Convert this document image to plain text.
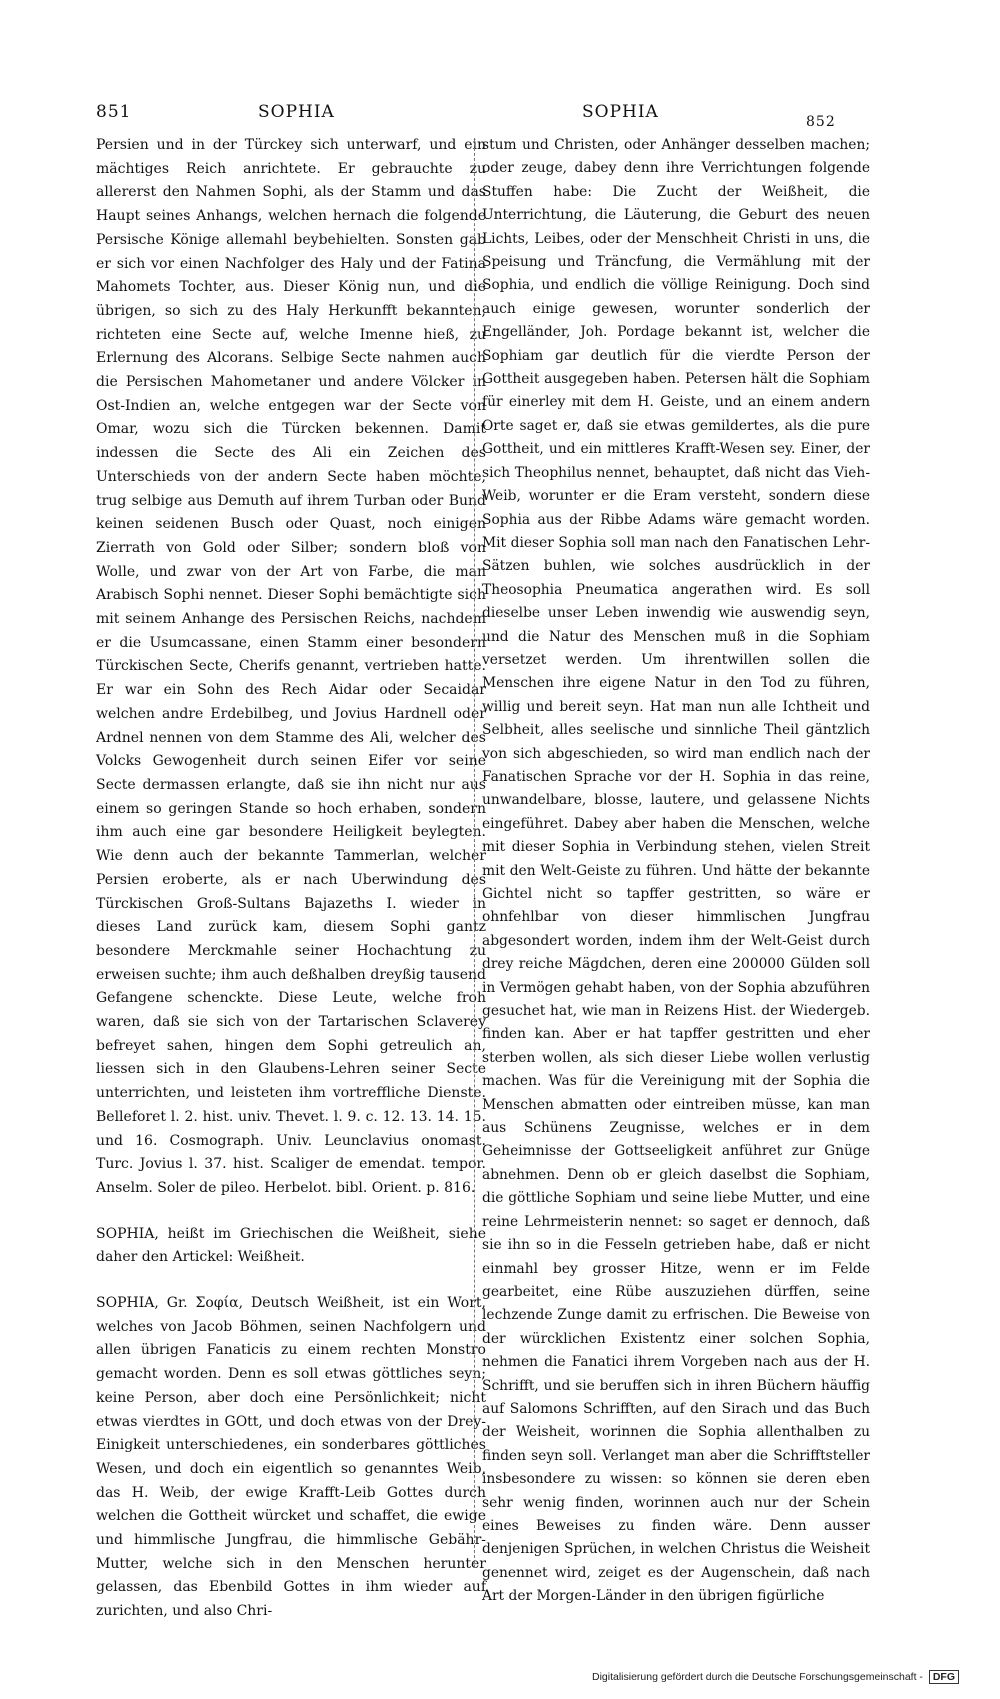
851	SOPHIA	SOPHIA	852

Persien und in der Türckey sich unterwarf, und ein mächtiges Reich anrichtete. Er gebrauchte zu allererst den Nahmen Sophi, als der Stamm und das Haupt seines Anhangs, welchen hernach die folgende Persische Könige allemahl beybehielten. Sonsten gab er sich vor einen Nachfolger des Haly und der Fatina Mahomets Tochter, aus. Dieser König nun, und die übrigen, so sich zu des Haly Herkunfft bekannten, richteten eine Secte auf, welche Imenne hieß, zu Erlernung des Alcorans. Selbige Secte nahmen auch die Persischen Mahometaner und andere Völcker in Ost-Indien an, welche entgegen war der Secte von Omar, wozu sich die Türcken bekennen. Damit indessen die Secte des Ali ein Zeichen des Unterschieds von der andern Secte haben möchte, trug selbige aus Demuth auf ihrem Turban oder Bund keinen seidenen Busch oder Quast, noch einigen Zierrath von Gold oder Silber; sondern bloß von Wolle, und zwar von der Art von Farbe, die man Arabisch Sophi nennet. Dieser Sophi bemächtigte sich mit seinem Anhange des Persischen Reichs, nachdem er die Usumcassane, einen Stamm einer besondern Türckischen Secte, Cherifs genannt, vertrieben hatte. Er war ein Sohn des Rech Aidar oder Secaidar welchen andre Erdebilbeg, und Jovius Hardnell oder Ardnel nennen von dem Stamme des Ali, welcher des Volcks Gewogenheit durch seinen Eifer vor seine Secte dermassen erlangte, daß sie ihn nicht nur aus einem so geringen Stande so hoch erhaben, sondern ihm auch eine gar besondere Heiligkeit beylegten. Wie denn auch der bekannte Tammerlan, welcher Persien eroberte, als er nach Uberwindung des Türckischen Groß-Sultans Bajazeths I. wieder in dieses Land zurück kam, diesem Sophi gantz besondere Merckmahle seiner Hochachtung zu erweisen suchte; ihm auch deßhalben dreyßig tausend Gefangene schenckte. Diese Leute, welche froh waren, daß sie sich von der Tartarischen Sclaverey befreyet sahen, hingen dem Sophi getreulich an, liessen sich in den Glaubens-Lehren seiner Secte unterrichten, und leisteten ihm vortreffliche Dienste. Belleforet l. 2. hist. univ. Thevet. l. 9. c. 12. 13. 14. 15. und 16. Cosmograph. Univ. Leunclavius onomast. Turc. Jovius l. 37. hist. Scaliger de emendat. tempor. Anselm. Soler de pileo. Herbelot. bibl. Orient. p. 816.

SOPHIA, heißt im Griechischen die Weißheit, siehe daher den Artickel: Weißheit.

SOPHIA, Gr. Σοφία, Deutsch Weißheit, ist ein Wort, welches von Jacob Böhmen, seinen Nachfolgern und allen übrigen Fanaticis zu einem rechten Monstro gemacht worden. Denn es soll etwas göttliches seyn; keine Person, aber doch eine Persönlichkeit; nicht etwas vierdtes in GOtt, und doch etwas von der Drey-Einigkeit unterschiedenes, ein sonderbares göttliches Wesen, und doch ein eigentlich so genanntes Weib, das H. Weib, der ewige Krafft-Leib Gottes durch welchen die Gottheit würcket und schaffet, die ewige und himmlische Jungfrau, die himmlische Gebähr-Mutter, welche sich in den Menschen herunter gelassen, das Ebenbild Gottes in ihm wieder auf zurichten, und also Chri-

stum und Christen, oder Anhänger desselben machen; oder zeuge, dabey denn ihre Verrichtungen folgende Stuffen habe: Die Zucht der Weißheit, die Unterrichtung, die Läuterung, die Geburt des neuen Lichts, Leibes, oder der Menschheit Christi in uns, die Speisung und Träncfung, die Vermählung mit der Sophia, und endlich die völlige Reinigung. Doch sind auch einige gewesen, worunter sonderlich der Engelländer, Joh. Pordage bekannt ist, welcher die Sophiam gar deutlich für die vierdte Person der Gottheit ausgegeben haben. Petersen hält die Sophiam für einerley mit dem H. Geiste, und an einem andern Orte saget er, daß sie etwas gemildertes, als die pure Gottheit, und ein mittleres Krafft-Wesen sey. Einer, der sich Theophilus nennet, behauptet, daß nicht das Vieh-Weib, worunter er die Eram versteht, sondern diese Sophia aus der Ribbe Adams wäre gemacht worden. Mit dieser Sophia soll man nach den Fanatischen Lehr-Sätzen buhlen, wie solches ausdrücklich in der Theosophia Pneumatica angerathen wird. Es soll dieselbe unser Leben inwendig wie auswendig seyn, und die Natur des Menschen muß in die Sophiam versetzet werden. Um ihrentwillen sollen die Menschen ihre eigene Natur in den Tod zu führen, willig und bereit seyn. Hat man nun alle Ichtheit und Selbheit, alles seelische und sinnliche Theil gäntzlich von sich abgeschieden, so wird man endlich nach der Fanatischen Sprache vor der H. Sophia in das reine, unwandelbare, blosse, lautere, und gelassene Nichts eingeführet. Dabey aber haben die Menschen, welche mit dieser Sophia in Verbindung stehen, vielen Streit mit den Welt-Geiste zu führen. Und hätte der bekannte Gichtel nicht so tapffer gestritten, so wäre er ohnfehlbar von dieser himmlischen Jungfrau abgesondert worden, indem ihm der Welt-Geist durch drey reiche Mägdchen, deren eine 200000 Gülden soll in Vermögen gehabt haben, von der Sophia abzuführen gesuchet hat, wie man in Reizens Hist. der Wiedergeb. finden kan. Aber er hat tapffer gestritten und eher sterben wollen, als sich dieser Liebe wollen verlustig machen. Was für die Vereinigung mit der Sophia die Menschen abmatten oder eintreiben müsse, kan man aus Schünens Zeugnisse, welches er in dem Geheimnisse der Gottseeligkeit anführet zur Gnüge abnehmen. Denn ob er gleich daselbst die Sophiam, die göttliche Sophiam und seine liebe Mutter, und eine reine Lehrmeisterin nennet: so saget er dennoch, daß sie ihn so in die Fesseln getrieben habe, daß er nicht einmahl bey grosser Hitze, wenn er im Felde gearbeitet, eine Rübe auszuziehen dürffen, seine lechzende Zunge damit zu erfrischen. Die Beweise von der würcklichen Existentz einer solchen Sophia, nehmen die Fanatici ihrem Vorgeben nach aus der H. Schrifft, und sie beruffen sich in ihren Büchern häuffig auf Salomons Schrifften, auf den Sirach und das Buch der Weisheit, worinnen die Sophia allenthalben zu finden seyn soll. Verlanget man aber die Schrifftsteller insbesondere zu wissen: so können sie deren eben sehr wenig finden, worinnen auch nur der Schein eines Beweises zu finden wäre. Denn ausser denjenigen Sprüchen, in welchen Christus die Weisheit genennet wird, zeiget es der Augenschein, daß nach Art der Morgen-Länder in den übrigen figürliche

Digitalisierung gefördert durch die Deutsche Forschungsgemeinschaft - DFG
